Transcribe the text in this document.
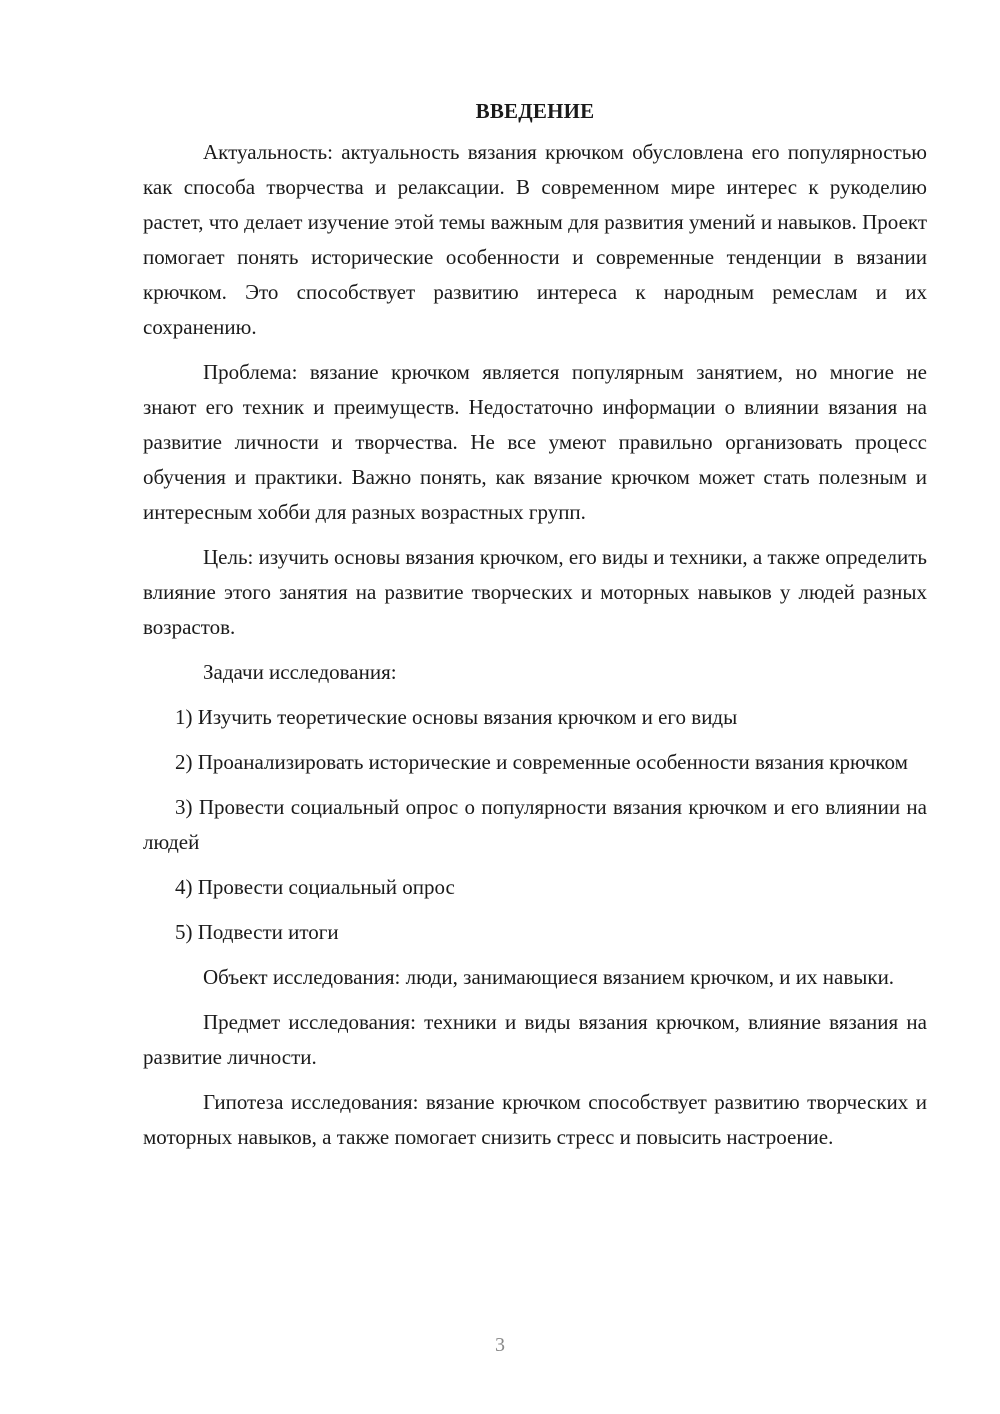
ВВЕДЕНИЕ

Актуальность: актуальность вязания крючком обусловлена его популярностью как способа творчества и релаксации. В современном мире интерес к рукоделию растет, что делает изучение этой темы важным для развития умений и навыков. Проект помогает понять исторические особенности и современные тенденции в вязании крючком. Это способствует развитию интереса к народным ремеслам и их сохранению.

Проблема: вязание крючком является популярным занятием, но многие не знают его техник и преимуществ. Недостаточно информации о влиянии вязания на развитие личности и творчества. Не все умеют правильно организовать процесс обучения и практики. Важно понять, как вязание крючком может стать полезным и интересным хобби для разных возрастных групп.

Цель: изучить основы вязания крючком, его виды и техники, а также определить влияние этого занятия на развитие творческих и моторных навыков у людей разных возрастов.

Задачи исследования:

1) Изучить теоретические основы вязания крючком и его виды

2) Проанализировать исторические и современные особенности вязания крючком

3) Провести социальный опрос о популярности вязания крючком и его влиянии на людей

4) Провести социальный опрос

5) Подвести итоги

Объект исследования: люди, занимающиеся вязанием крючком, и их навыки.

Предмет исследования: техники и виды вязания крючком, влияние вязания на развитие личности.

Гипотеза исследования: вязание крючком способствует развитию творческих и моторных навыков, а также помогает снизить стресс и повысить настроение.

3
